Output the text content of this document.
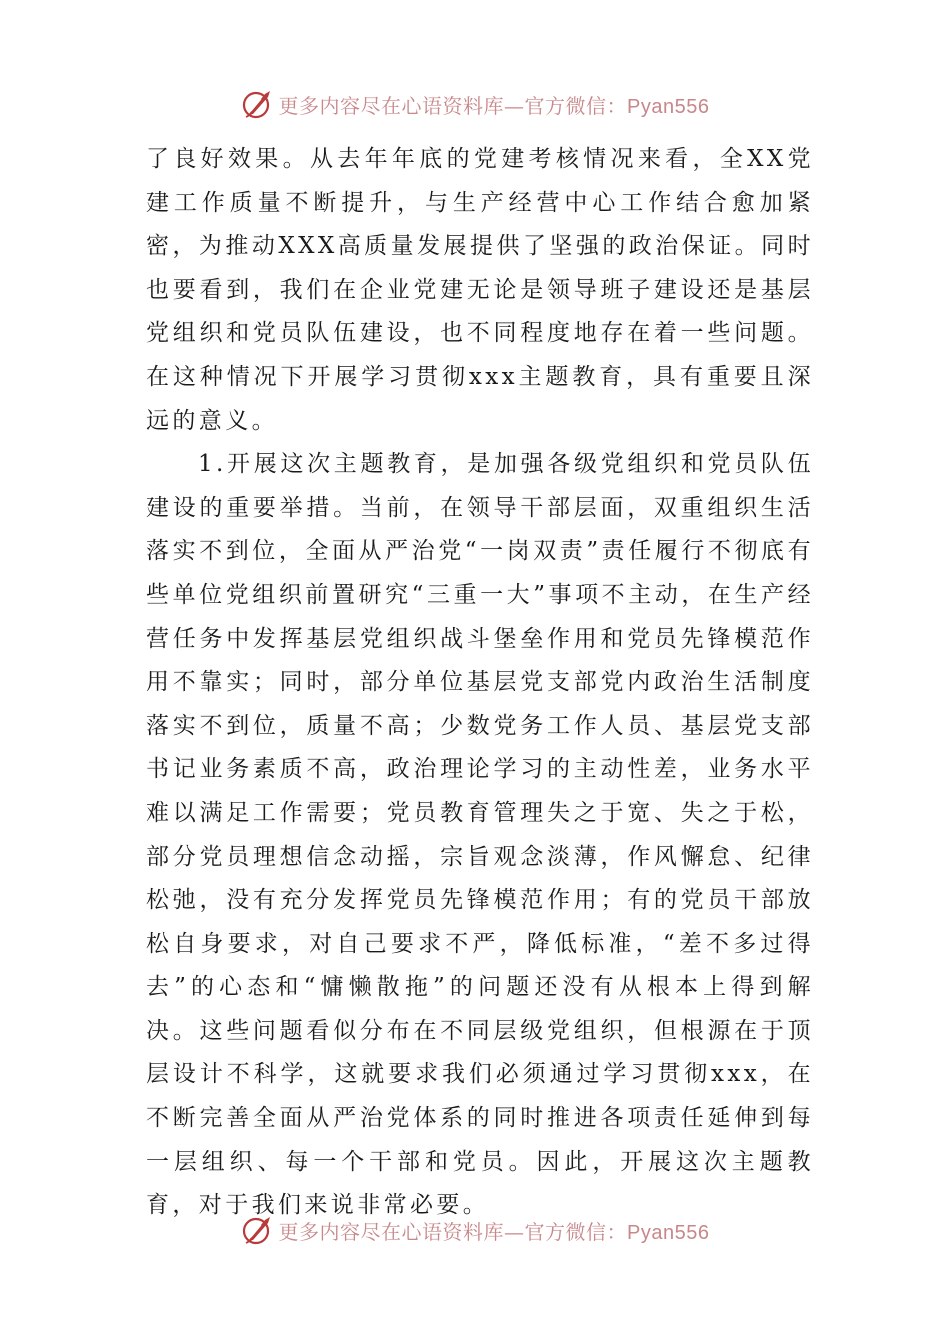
更多内容尽在心语资料库—官方微信：Pyan556

了良好效果。从去年年底的党建考核情况来看，全XX党建工作质量不断提升，与生产经营中心工作结合愈加紧密，为推动XXX高质量发展提供了坚强的政治保证。同时也要看到，我们在企业党建无论是领导班子建设还是基层党组织和党员队伍建设，也不同程度地存在着一些问题。在这种情况下开展学习贯彻xxx主题教育，具有重要且深远的意义。

1.开展这次主题教育，是加强各级党组织和党员队伍建设的重要举措。当前，在领导干部层面，双重组织生活落实不到位，全面从严治党“一岗双责”责任履行不彻底有些单位党组织前置研究“三重一大”事项不主动，在生产经营任务中发挥基层党组织战斗堡垒作用和党员先锋模范作用不靠实；同时，部分单位基层党支部党内政治生活制度落实不到位，质量不高；少数党务工作人员、基层党支部书记业务素质不高，政治理论学习的主动性差，业务水平难以满足工作需要；党员教育管理失之于宽、失之于松，部分党员理想信念动摇，宗旨观念淡薄，作风懈怠、纪律松弛，没有充分发挥党员先锋模范作用；有的党员干部放松自身要求，对自己要求不严，降低标准，“差不多过得去”的心态和“慵懒散拖”的问题还没有从根本上得到解决。这些问题看似分布在不同层级党组织，但根源在于顶层设计不科学，这就要求我们必须通过学习贯彻xxx，在不断完善全面从严治党体系的同时推进各项责任延伸到每一层组织、每一个干部和党员。因此，开展这次主题教育，对于我们来说非常必要。

更多内容尽在心语资料库—官方微信：Pyan556
